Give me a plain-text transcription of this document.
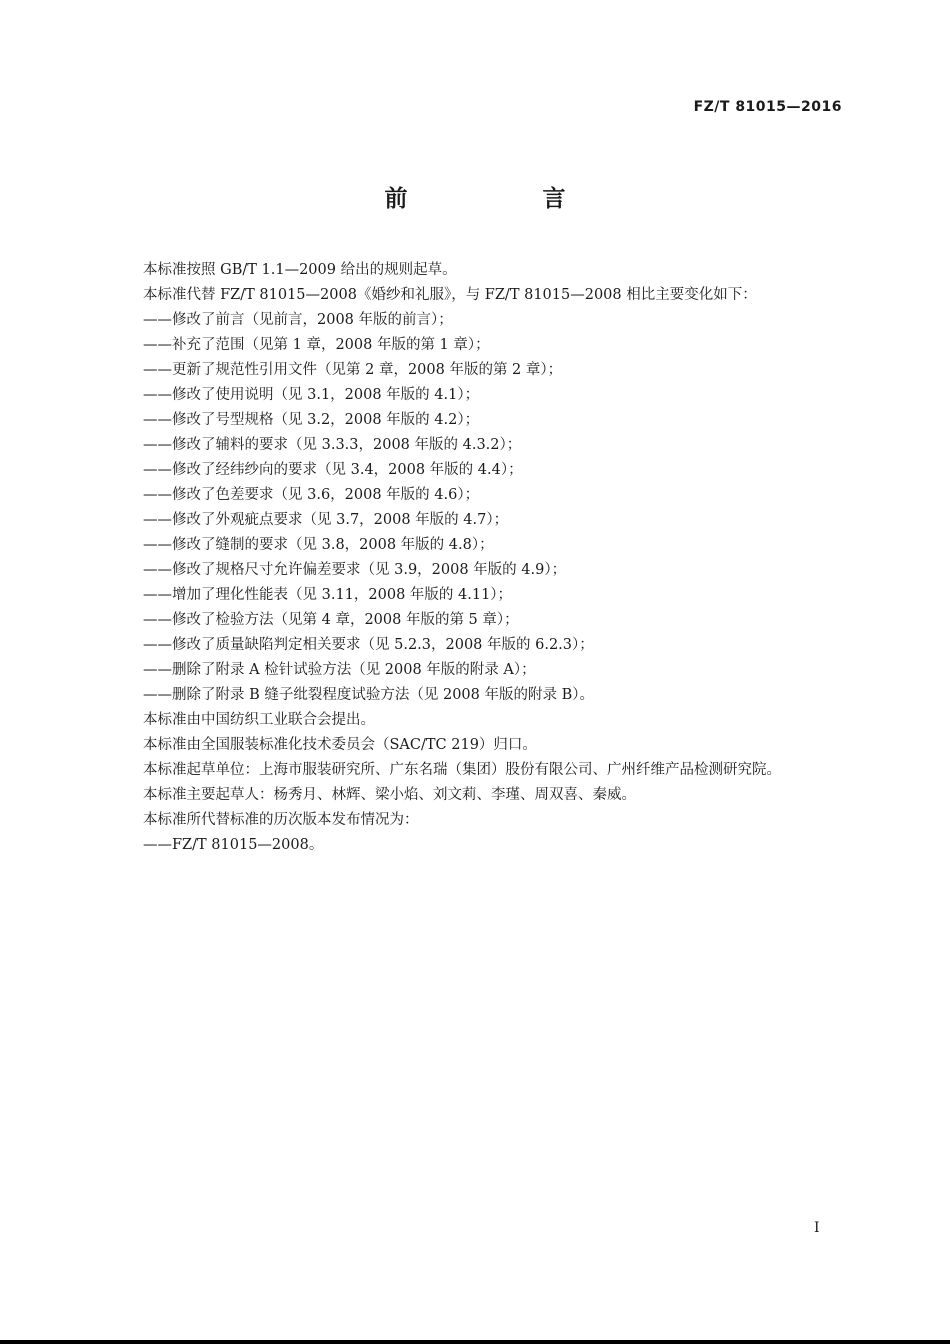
FZ/T 81015—2016
前　言
本标准按照 GB/T 1.1—2009 给出的规则起草。
本标准代替 FZ/T 81015—2008《婚纱和礼服》，与 FZ/T 81015—2008 相比主要变化如下：
——修改了前言（见前言，2008 年版的前言）；
——补充了范围（见第 1 章，2008 年版的第 1 章）；
——更新了规范性引用文件（见第 2 章，2008 年版的第 2 章）；
——修改了使用说明（见 3.1，2008 年版的 4.1）；
——修改了号型规格（见 3.2，2008 年版的 4.2）；
——修改了辅料的要求（见 3.3.3，2008 年版的 4.3.2）；
——修改了经纬纱向的要求（见 3.4，2008 年版的 4.4）；
——修改了色差要求（见 3.6，2008 年版的 4.6）；
——修改了外观疵点要求（见 3.7，2008 年版的 4.7）；
——修改了缝制的要求（见 3.8，2008 年版的 4.8）；
——修改了规格尺寸允许偏差要求（见 3.9，2008 年版的 4.9）；
——增加了理化性能表（见 3.11，2008 年版的 4.11）；
——修改了检验方法（见第 4 章，2008 年版的第 5 章）；
——修改了质量缺陷判定相关要求（见 5.2.3，2008 年版的 6.2.3）；
——删除了附录 A 检针试验方法（见 2008 年版的附录 A）；
——删除了附录 B 缝子纰裂程度试验方法（见 2008 年版的附录 B）。
本标准由中国纺织工业联合会提出。
本标准由全国服装标准化技术委员会（SAC/TC 219）归口。
本标准起草单位：上海市服装研究所、广东名瑞（集团）股份有限公司、广州纤维产品检测研究院。
本标准主要起草人：杨秀月、林辉、梁小焰、刘文莉、李瑾、周双喜、秦威。
本标准所代替标准的历次版本发布情况为：
——FZ/T 81015—2008。
I
